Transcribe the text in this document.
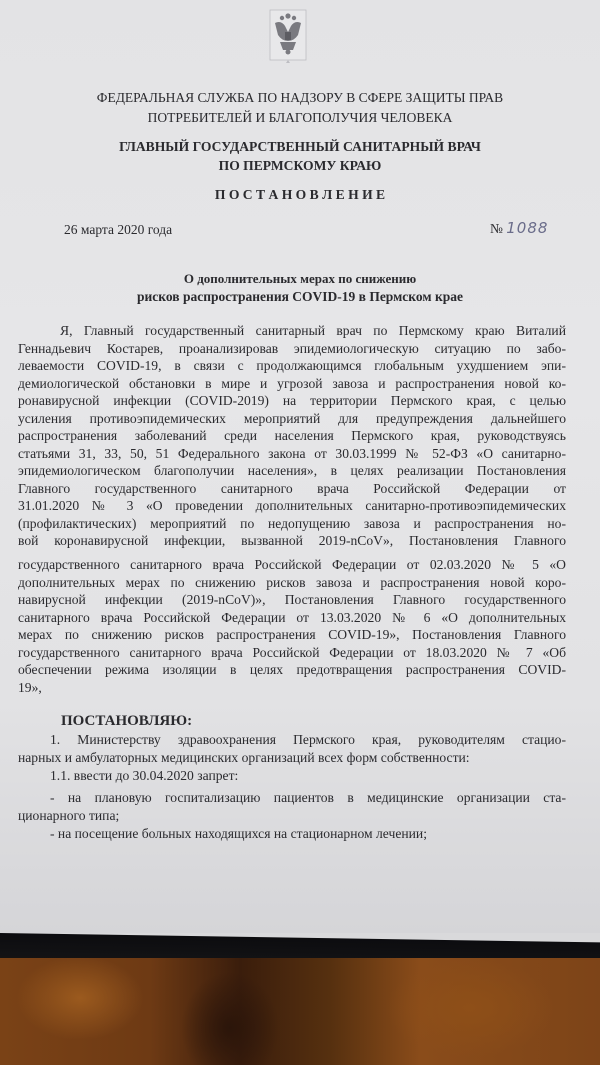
ФЕДЕРАЛЬНАЯ СЛУЖБА ПО НАДЗОРУ В СФЕРЕ ЗАЩИТЫ ПРАВ
ПОТРЕБИТЕЛЕЙ И БЛАГОПОЛУЧИЯ ЧЕЛОВЕКА
ГЛАВНЫЙ ГОСУДАРСТВЕННЫЙ САНИТАРНЫЙ ВРАЧ
ПО ПЕРМСКОМУ КРАЮ
П О С Т А Н О В Л Е Н И Е
26 марта 2020 года	№ 1088
О дополнительных мерах по снижению
рисков распространения COVID-19 в Пермском крае
Я, Главный государственный санитарный врач по Пермскому краю Виталий
Геннадьевич Костарев, проанализировав эпидемиологическую ситуацию по забо-
леваемости COVID-19, в связи с продолжающимся глобальным ухудшением эпи-
демиологической обстановки в мире и угрозой завоза и распространения новой ко-
ронавирусной инфекции (COVID-2019) на территории Пермского края, с целью
усиления противоэпидемических мероприятий для предупреждения дальнейшего
распространения заболеваний среди населения Пермского края, руководствуясь
статьями 31, 33, 50, 51 Федерального закона от 30.03.1999 № 52-ФЗ «О санитарно-
эпидемиологическом благополучии населения», в целях реализации Постановления
Главного государственного санитарного врача Российской Федерации от
31.01.2020 № 3 «О проведении дополнительных санитарно-противоэпидемических
(профилактических) мероприятий по недопущению завоза и распространения но-
вой коронавирусной инфекции, вызванной 2019-nCoV», Постановления Главного
государственного санитарного врача Российской Федерации от 02.03.2020 № 5 «О
дополнительных мерах по снижению рисков завоза и распространения новой коро-
навирусной инфекции (2019-nCoV)», Постановления Главного государственного
санитарного врача Российской Федерации от 13.03.2020 № 6 «О дополнительных
мерах по снижению рисков распространения COVID-19», Постановления Главного
государственного санитарного врача Российской Федерации от 18.03.2020 № 7 «Об
обеспечении режима изоляции в целях предотвращения распространения COVID-
19»,
ПОСТАНОВЛЯЮ:
1. Министерству здравоохранения Пермского края, руководителям стацио-
нарных и амбулаторных медицинских организаций всех форм собственности:
1.1. ввести до 30.04.2020 запрет:
- на плановую госпитализацию пациентов в медицинские организации ста-
ционарного типа;
- на посещение больных находящихся на стационарном лечении;
